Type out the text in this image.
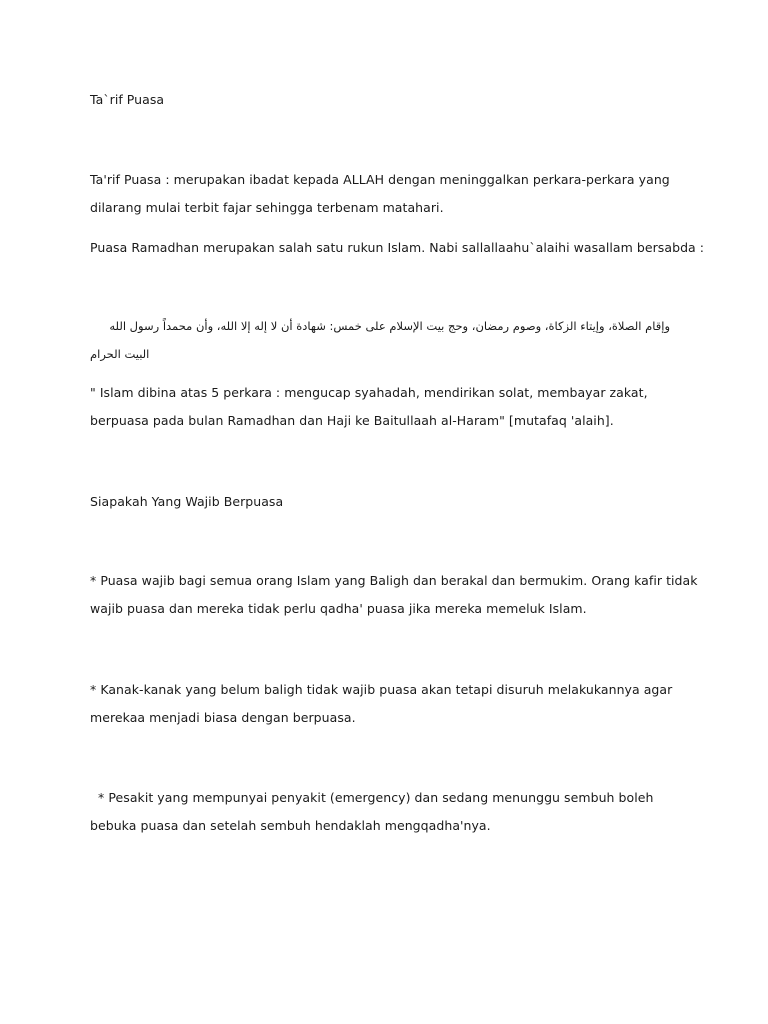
Ta`rif Puasa
Ta'rif Puasa : merupakan ibadat kepada ALLAH dengan meninggalkan perkara-perkara yang
dilarang mulai terbit fajar sehingga terbenam matahari.
Puasa Ramadhan merupakan salah satu rukun Islam. Nabi sallallaahu`alaihi wasallam bersabda :
وإقام الصلاة، وإيتاء الزكاة، وصوم رمضان، وحج بيت الإسلام على خمس: شهادة أن لا إله إلا الله، وأن محمداً رسول الله
البيت الحرام
" Islam dibina atas 5 perkara : mengucap syahadah, mendirikan solat, membayar zakat,
berpuasa pada bulan Ramadhan dan Haji ke Baitullaah al-Haram" [mutafaq 'alaih].
Siapakah Yang Wajib Berpuasa
* Puasa wajib bagi semua orang Islam yang Baligh dan berakal dan bermukim. Orang kafir tidak
wajib puasa dan mereka tidak perlu qadha' puasa jika mereka memeluk Islam.
* Kanak-kanak yang belum baligh tidak wajib puasa akan tetapi disuruh melakukannya agar
merekaa menjadi biasa dengan berpuasa.
* Pesakit yang mempunyai penyakit (emergency) dan sedang menunggu sembuh boleh
bebuka puasa dan setelah sembuh hendaklah mengqadha'nya.
